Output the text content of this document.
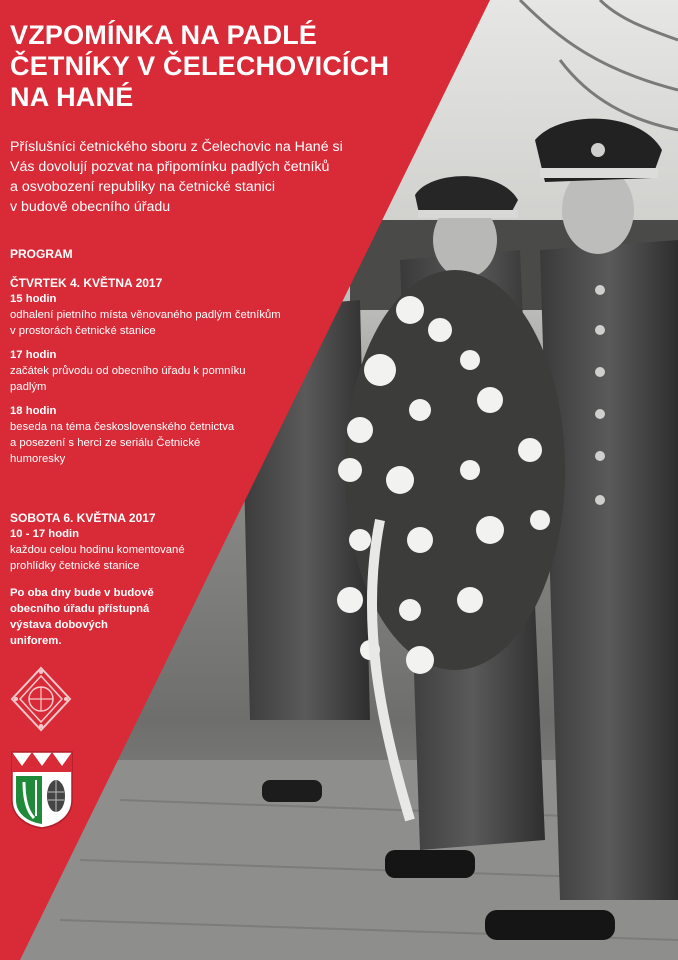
VZPOMÍNKA NA PADLÉ
ČETNÍKY V ČELECHOVICÍCH
NA HANÉ
Příslušníci četnického sboru z Čelechovic na Hané si
Vás dovolují pozvat na připomínku padlých četníků
a osvobození republiky na četnické stanici
v budově obecního úřadu
PROGRAM
ČTVRTEK 4. KVĚTNA 2017
15 hodin
odhalení pietního místa věnovaného padlým četníkům
v prostorách četnické stanice
17 hodin
začátek průvodu od obecního úřadu k pomníku
padlým
18 hodin
beseda na téma československého četnictva
a posezení s herci ze seriálu Četnické
humoresky
SOBOTA 6. KVĚTNA 2017
10 - 17 hodin
každou celou hodinu komentované
prohlídky četnické stanice
Po oba dny bude v budově
obecního úřadu přístupná
výstava dobových
uniforem.
